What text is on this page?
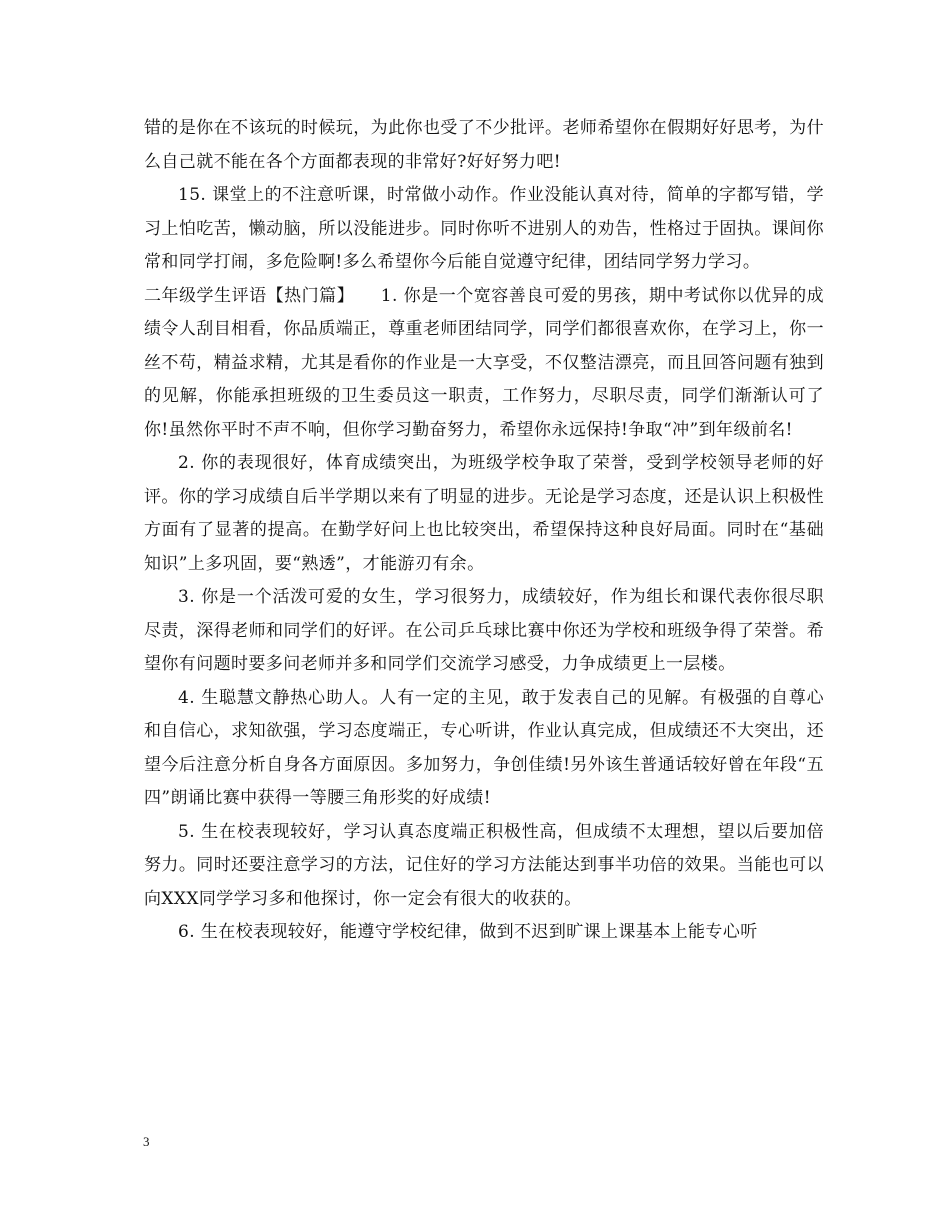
错的是你在不该玩的时候玩，为此你也受了不少批评。老师希望你在假期好好思考，为什么自己就不能在各个方面都表现的非常好?好好努力吧!

15. 课堂上的不注意听课，时常做小动作。作业没能认真对待，简单的字都写错，学习上怕吃苦，懒动脑，所以没能进步。同时你听不进别人的劝告，性格过于固执。课间你常和同学打闹，多危险啊!多么希望你今后能自觉遵守纪律，团结同学努力学习。

二年级学生评语【热门篇】　　1. 你是一个宽容善良可爱的男孩，期中考试你以优异的成绩令人刮目相看，你品质端正，尊重老师团结同学，同学们都很喜欢你，在学习上，你一丝不苟，精益求精，尤其是看你的作业是一大享受，不仅整洁漂亮，而且回答问题有独到的见解，你能承担班级的卫生委员这一职责，工作努力，尽职尽责，同学们渐渐认可了你!虽然你平时不声不响，但你学习勤奋努力，希望你永远保持!争取“冲”到年级前名!

2. 你的表现很好，体育成绩突出，为班级学校争取了荣誉，受到学校领导老师的好评。你的学习成绩自后半学期以来有了明显的进步。无论是学习态度，还是认识上积极性方面有了显著的提高。在勤学好问上也比较突出，希望保持这种良好局面。同时在“基础知识”上多巩固，要“熟透”，才能游刃有余。

3. 你是一个活泼可爱的女生，学习很努力，成绩较好，作为组长和课代表你很尽职尽责，深得老师和同学们的好评。在公司乒乓球比赛中你还为学校和班级争得了荣誉。希望你有问题时要多问老师并多和同学们交流学习感受，力争成绩更上一层楼。

4. 生聪慧文静热心助人。人有一定的主见，敢于发表自己的见解。有极强的自尊心和自信心，求知欲强，学习态度端正，专心听讲，作业认真完成，但成绩还不大突出，还望今后注意分析自身各方面原因。多加努力，争创佳绩!另外该生普通话较好曾在年段“五四”朗诵比赛中获得一等腰三角形奖的好成绩!

5. 生在校表现较好，学习认真态度端正积极性高，但成绩不太理想，望以后要加倍努力。同时还要注意学习的方法，记住好的学习方法能达到事半功倍的效果。当能也可以向XXX同学学习多和他探讨，你一定会有很大的收获的。

6. 生在校表现较好，能遵守学校纪律，做到不迟到旷课上课基本上能专心听

3
